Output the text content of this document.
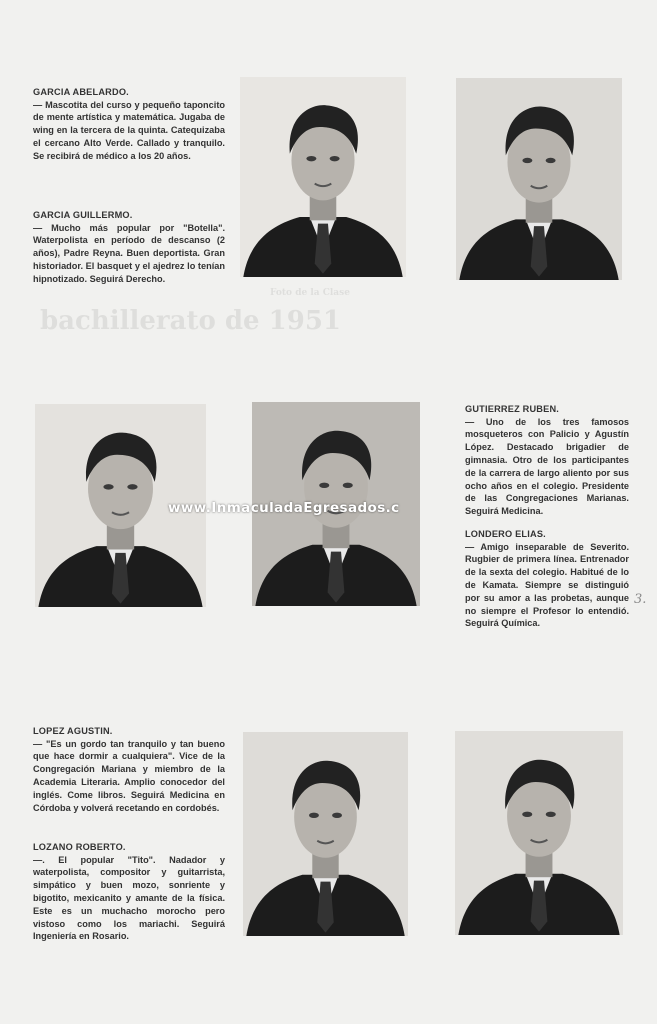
bachillerato de 1951
Foto de la Clase

GARCIA ABELARDO.
— Mascotita del curso y pequeño taponcito de mente artística y matemática. Jugaba de wing en la tercera de la quinta. Catequizaba el cercano Alto Verde. Callado y tranquilo. Se recibirá de médico a los 20 años.

GARCIA GUILLERMO.
— Mucho más popular por "Botella". Waterpolista en período de descanso (2 años), Padre Reyna. Buen deportista. Gran historiador. El basquet y el ajedrez lo tenían hipnotizado. Seguirá Derecho.

GUTIERREZ RUBEN.
— Uno de los tres famosos mosqueteros con Palicio y Agustín López. Destacado brigadier de gimnasia. Otro de los participantes de la carrera de largo aliento por sus ocho años en el colegio. Presidente de las Congregaciones Marianas. Seguirá Medicina.

LONDERO ELIAS.
— Amigo inseparable de Severito. Rugbier de primera línea. Entrenador de la sexta del colegio. Habitué de lo de Kamata. Siempre se distinguió por su amor a las probetas, aunque no siempre el Profesor lo entendió. Seguirá Química.

LOPEZ AGUSTIN.
— "Es un gordo tan tranquilo y tan bueno que hace dormir a cualquiera". Vice de la Congregación Mariana y miembro de la Academia Literaria. Amplio conocedor del inglés. Come libros. Seguirá Medicina en Córdoba y volverá recetando en cordobés.

LOZANO ROBERTO.
—. El popular "Tito". Nadador y waterpolista, compositor y guitarrista, simpático y buen mozo, sonriente y bigotito, mexicanito y amante de la física. Este es un muchacho morocho pero vistoso como los mariachi. Seguirá Ingeniería en Rosario.

www.InmaculadaEgresados.c
3.
